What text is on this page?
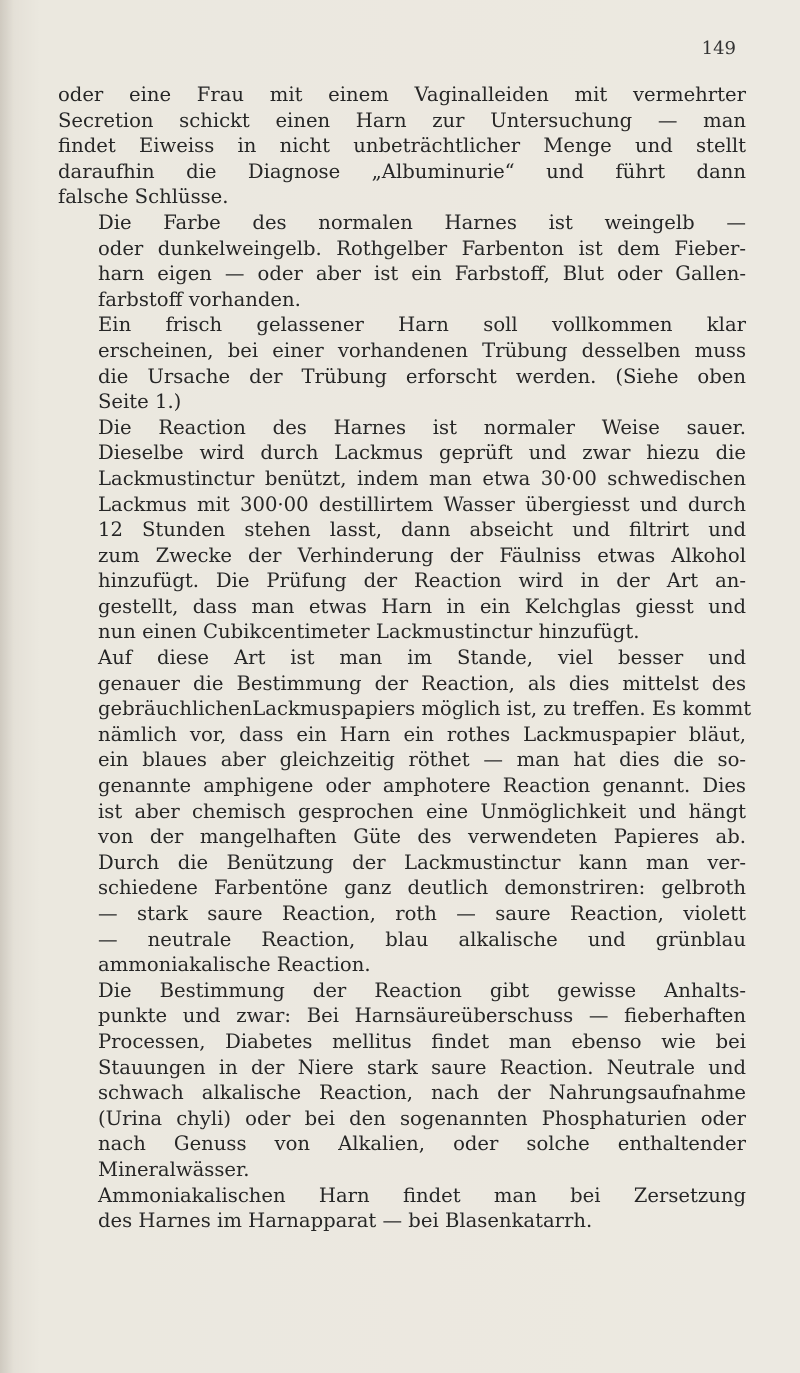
149

oder eine Frau mit einem Vaginalleiden mit vermehrter
Secretion schickt einen Harn zur Untersuchung — man
findet Eiweiss in nicht unbeträchtlicher Menge und stellt
daraufhin die Diagnose „Albuminurie“ und führt dann
falsche Schlüsse.

Die Farbe des normalen Harnes ist weingelb —
oder dunkelweingelb. Rothgelber Farbenton ist dem Fieber-
harn eigen — oder aber ist ein Farbstoff, Blut oder Gallen-
farbstoff vorhanden.

Ein frisch gelassener Harn soll vollkommen klar
erscheinen, bei einer vorhandenen Trübung desselben muss
die Ursache der Trübung erforscht werden. (Siehe oben
Seite 1.)

Die Reaction des Harnes ist normaler Weise sauer.
Dieselbe wird durch Lackmus geprüft und zwar hiezu die
Lackmustinctur benützt, indem man etwa 30·00 schwedischen
Lackmus mit 300·00 destillirtem Wasser übergiesst und durch
12 Stunden stehen lasst, dann abseicht und filtrirt und
zum Zwecke der Verhinderung der Fäulniss etwas Alkohol
hinzufügt. Die Prüfung der Reaction wird in der Art an-
gestellt, dass man etwas Harn in ein Kelchglas giesst und
nun einen Cubikcentimeter Lackmustinctur hinzufügt.

Auf diese Art ist man im Stande, viel besser und
genauer die Bestimmung der Reaction, als dies mittelst des
gebräuchlichenLackmuspapiers möglich ist, zu treffen. Es kommt
nämlich vor, dass ein Harn ein rothes Lackmuspapier bläut,
ein blaues aber gleichzeitig röthet — man hat dies die so-
genannte amphigene oder amphotere Reaction genannt. Dies
ist aber chemisch gesprochen eine Unmöglichkeit und hängt
von der mangelhaften Güte des verwendeten Papieres ab.
Durch die Benützung der Lackmustinctur kann man ver-
schiedene Farbentöne ganz deutlich demonstriren: gelbroth
— stark saure Reaction, roth — saure Reaction, violett
— neutrale Reaction, blau alkalische und grünblau
ammoniakalische Reaction.

Die Bestimmung der Reaction gibt gewisse Anhalts-
punkte und zwar: Bei Harnsäureüberschuss — fieberhaften
Processen, Diabetes mellitus findet man ebenso wie bei
Stauungen in der Niere stark saure Reaction. Neutrale und
schwach alkalische Reaction, nach der Nahrungsaufnahme
(Urina chyli) oder bei den sogenannten Phosphaturien oder
nach Genuss von Alkalien, oder solche enthaltender
Mineralwässer.

Ammoniakalischen Harn findet man bei Zersetzung
des Harnes im Harnapparat — bei Blasenkatarrh.
